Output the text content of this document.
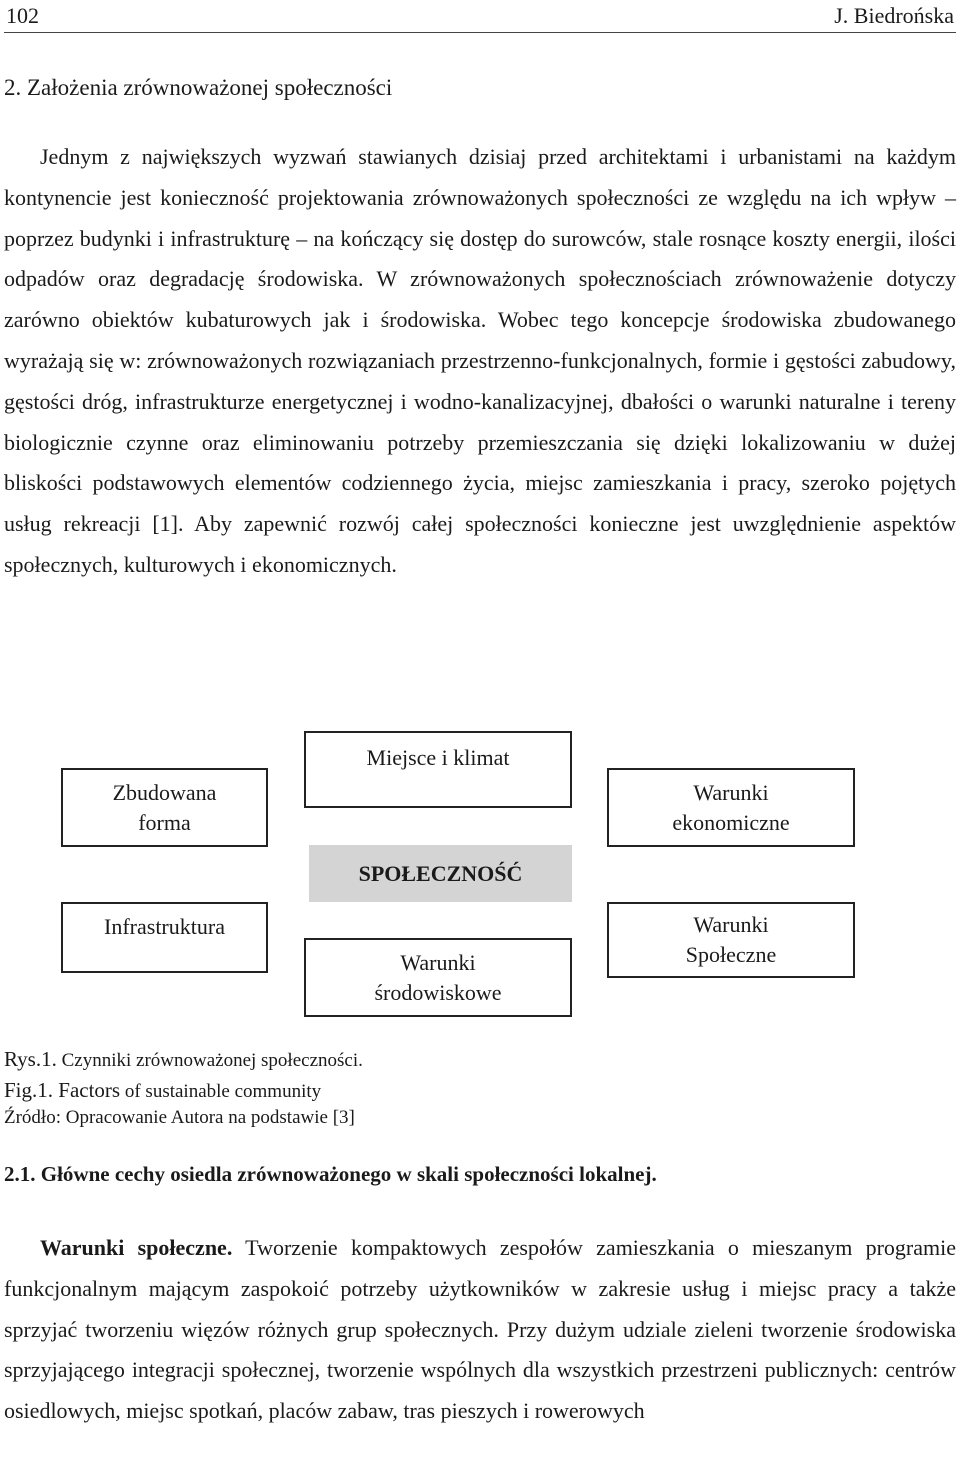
102	J. Biedrońska
2. Założenia zrównoważonej społeczności

Jednym z największych wyzwań stawianych dzisiaj przed architektami i urbanistami na każdym kontynencie jest konieczność projektowania zrównoważonych społeczności ze względu na ich wpływ – poprzez budynki i infrastrukturę – na kończący się dostęp do surowców, stale rosnące koszty energii, ilości odpadów oraz degradację środowiska. W zrównoważonych społecznościach zrównoważenie dotyczy zarówno obiektów kubaturowych jak i środowiska. Wobec tego koncepcje środowiska zbudowanego wyrażają się w: zrównoważonych rozwiązaniach przestrzenno-funkcjonalnych, formie i gęstości zabudowy, gęstości dróg, infrastrukturze energetycznej i wodno-kanalizacyjnej, dbałości o warunki naturalne i tereny biologicznie czynne oraz eliminowaniu potrzeby przemieszczania się dzięki lokalizowaniu w dużej bliskości podstawowych elementów codziennego życia, miejsc zamieszkania i pracy, szeroko pojętych usług rekreacji [1]. Aby zapewnić rozwój całej społeczności konieczne jest uwzględnienie aspektów społecznych, kulturowych i ekonomicznych.

Zbudowana
forma
Miejsce i klimat
Warunki
ekonomiczne
SPOŁECZNOŚĆ
Infrastruktura
Warunki
środowiskowe
Warunki
Społeczne
Rys.1. Czynniki zrównoważonej społeczności.
Fig.1. Factors of sustainable community
Źródło: Opracowanie Autora na podstawie [3]
2.1. Główne cechy osiedla zrównoważonego w skali społeczności lokalnej.

Warunki społeczne. Tworzenie kompaktowych zespołów zamieszkania o mieszanym programie funkcjonalnym mającym zaspokoić potrzeby użytkowników w zakresie usług i miejsc pracy a także sprzyjać tworzeniu więzów różnych grup społecznych. Przy dużym udziale zieleni tworzenie środowiska sprzyjającego integracji społecznej, tworzenie wspólnych dla wszystkich przestrzeni publicznych: centrów osiedlowych, miejsc spotkań, placów zabaw, tras pieszych i rowerowych
